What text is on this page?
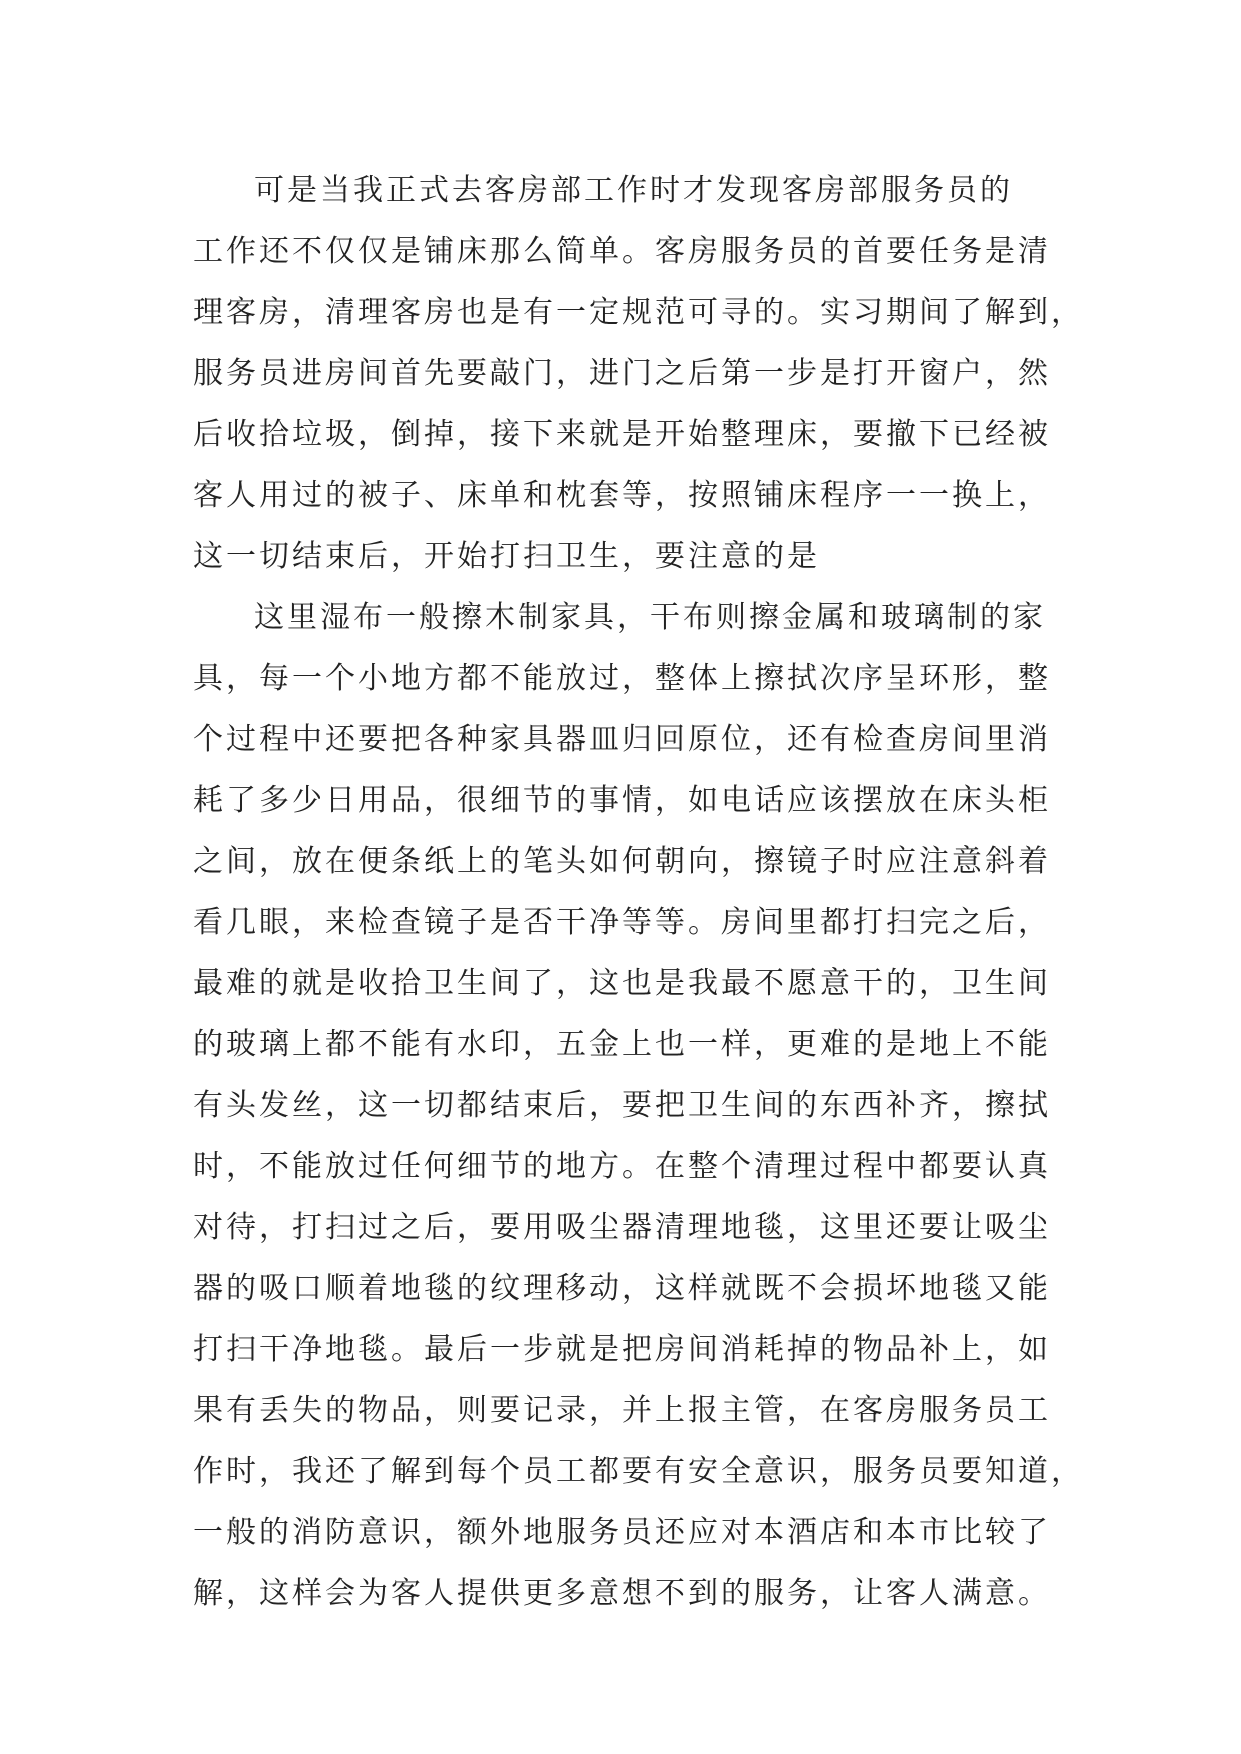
可是当我正式去客房部工作时才发现客房部服务员的
工作还不仅仅是铺床那么简单。客房服务员的首要任务是清
理客房，清理客房也是有一定规范可寻的。实习期间了解到，
服务员进房间首先要敲门，进门之后第一步是打开窗户，然
后收拾垃圾，倒掉，接下来就是开始整理床，要撤下已经被
客人用过的被子、床单和枕套等，按照铺床程序一一换上，
这一切结束后，开始打扫卫生，要注意的是
这里湿布一般擦木制家具，干布则擦金属和玻璃制的家
具，每一个小地方都不能放过，整体上擦拭次序呈环形，整
个过程中还要把各种家具器皿归回原位，还有检查房间里消
耗了多少日用品，很细节的事情，如电话应该摆放在床头柜
之间，放在便条纸上的笔头如何朝向，擦镜子时应注意斜着
看几眼，来检查镜子是否干净等等。房间里都打扫完之后，
最难的就是收拾卫生间了，这也是我最不愿意干的，卫生间
的玻璃上都不能有水印，五金上也一样，更难的是地上不能
有头发丝，这一切都结束后，要把卫生间的东西补齐，擦拭
时，不能放过任何细节的地方。在整个清理过程中都要认真
对待，打扫过之后，要用吸尘器清理地毯，这里还要让吸尘
器的吸口顺着地毯的纹理移动，这样就既不会损坏地毯又能
打扫干净地毯。最后一步就是把房间消耗掉的物品补上，如
果有丢失的物品，则要记录，并上报主管，在客房服务员工
作时，我还了解到每个员工都要有安全意识，服务员要知道，
一般的消防意识，额外地服务员还应对本酒店和本市比较了
解，这样会为客人提供更多意想不到的服务，让客人满意。
